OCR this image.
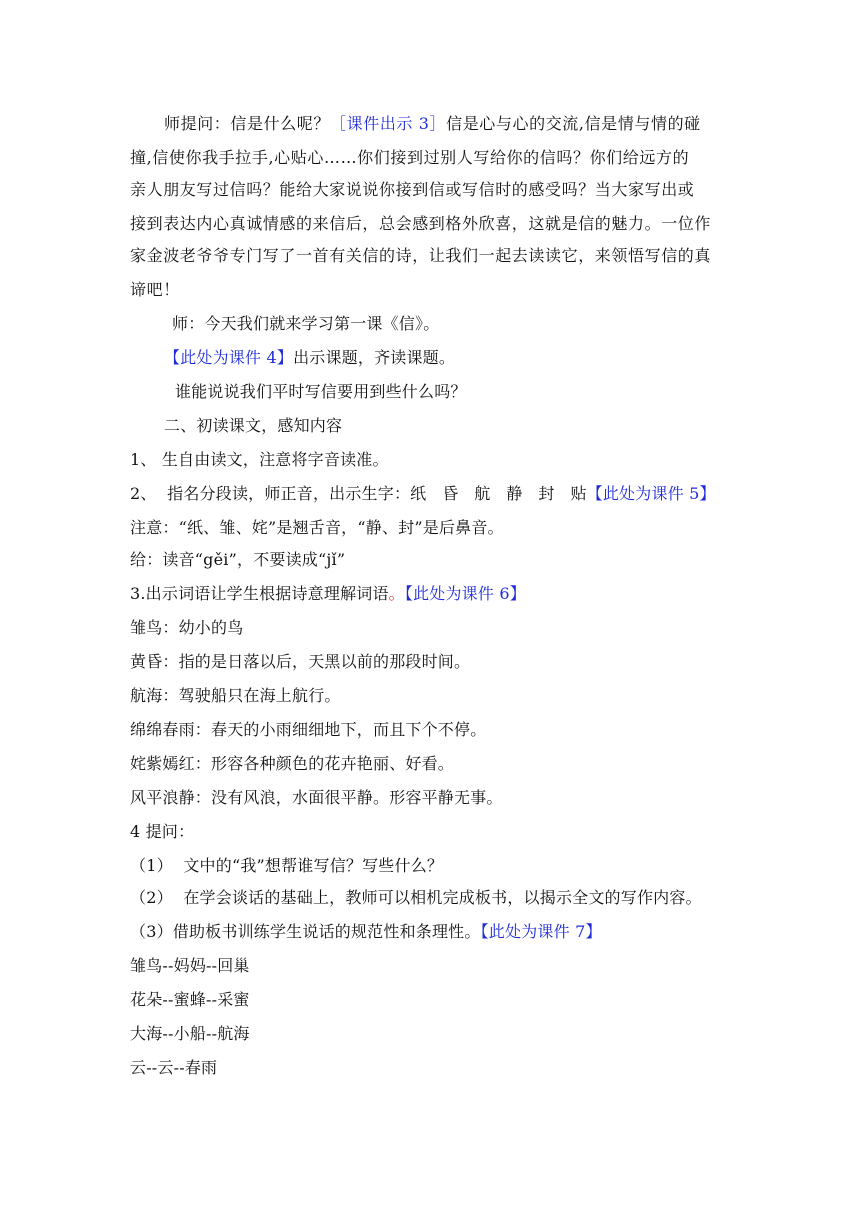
师提问：信是什么呢？［课件出示 3］信是心与心的交流,信是情与情的碰
撞,信使你我手拉手,心贴心……你们接到过别人写给你的信吗？你们给远方的
亲人朋友写过信吗？能给大家说说你接到信或写信时的感受吗？当大家写出或
接到表达内心真诚情感的来信后，总会感到格外欣喜，这就是信的魅力。一位作
家金波老爷爷专门写了一首有关信的诗，让我们一起去读读它，来领悟写信的真
谛吧！
师：今天我们就来学习第一课《信》。
【此处为课件 4】出示课题，齐读课题。
谁能说说我们平时写信要用到些什么吗？
二、初读课文，感知内容
1、 生自由读文，注意将字音读准。
2、  指名分段读，师正音，出示生字：纸   昏   航   静   封   贴【此处为课件 5】
注意：“纸、雏、姹”是翘舌音，“静、封”是后鼻音。
给：读音“gěi”，不要读成“jǐ”
3.出示词语让学生根据诗意理解词语。【此处为课件 6】
雏鸟：幼小的鸟
黄昏：指的是日落以后，天黑以前的那段时间。
航海：驾驶船只在海上航行。
绵绵春雨：春天的小雨细细地下，而且下个不停。
姹紫嫣红：形容各种颜色的花卉艳丽、好看。
风平浪静：没有风浪，水面很平静。形容平静无事。
4 提问：
（1）  文中的“我”想帮谁写信？写些什么？
（2）  在学会谈话的基础上，教师可以相机完成板书，以揭示全文的写作内容。
（3）借助板书训练学生说话的规范性和条理性。【此处为课件 7】
雏鸟--妈妈--回巢
花朵--蜜蜂--采蜜
大海--小船--航海
云--云--春雨
